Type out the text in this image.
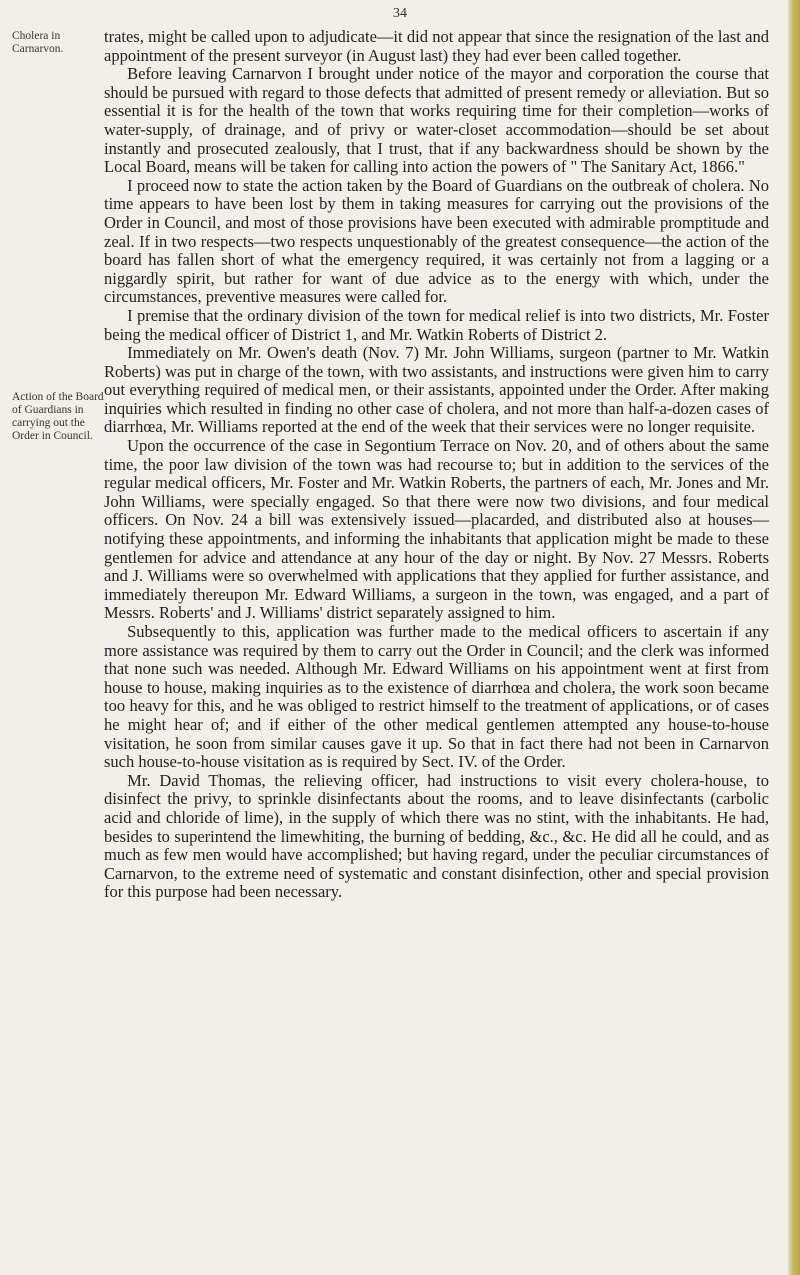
34
Cholera in Carnarvon.
Action of the Board of Guardians in carrying out the Order in Council.

trates, might be called upon to adjudicate—it did not appear that since the resignation of the last and appointment of the present surveyor (in August last) they had ever been called together.

Before leaving Carnarvon I brought under notice of the mayor and corporation the course that should be pursued with regard to those defects that admitted of present remedy or alleviation. But so essential it is for the health of the town that works requiring time for their completion—works of water-supply, of drainage, and of privy or water-closet accommodation—should be set about instantly and prosecuted zealously, that I trust, that if any backwardness should be shown by the Local Board, means will be taken for calling into action the powers of " The Sanitary Act, 1866."

I proceed now to state the action taken by the Board of Guardians on the outbreak of cholera. No time appears to have been lost by them in taking measures for carrying out the provisions of the Order in Council, and most of those provisions have been executed with admirable promptitude and zeal. If in two respects—two respects unquestionably of the greatest consequence—the action of the board has fallen short of what the emergency required, it was certainly not from a lagging or a niggardly spirit, but rather for want of due advice as to the energy with which, under the circumstances, preventive measures were called for.

I premise that the ordinary division of the town for medical relief is into two districts, Mr. Foster being the medical officer of District 1, and Mr. Watkin Roberts of District 2.

Immediately on Mr. Owen's death (Nov. 7) Mr. John Williams, surgeon (partner to Mr. Watkin Roberts) was put in charge of the town, with two assistants, and instructions were given him to carry out everything required of medical men, or their assistants, appointed under the Order. After making inquiries which resulted in finding no other case of cholera, and not more than half-a-dozen cases of diarrhœa, Mr. Williams reported at the end of the week that their services were no longer requisite.

Upon the occurrence of the case in Segontium Terrace on Nov. 20, and of others about the same time, the poor law division of the town was had recourse to; but in addition to the services of the regular medical officers, Mr. Foster and Mr. Watkin Roberts, the partners of each, Mr. Jones and Mr. John Williams, were specially engaged. So that there were now two divisions, and four medical officers. On Nov. 24 a bill was extensively issued—placarded, and distributed also at houses—notifying these appointments, and informing the inhabitants that application might be made to these gentlemen for advice and attendance at any hour of the day or night. By Nov. 27 Messrs. Roberts and J. Williams were so overwhelmed with applications that they applied for further assistance, and immediately thereupon Mr. Edward Williams, a surgeon in the town, was engaged, and a part of Messrs. Roberts' and J. Williams' district separately assigned to him.

Subsequently to this, application was further made to the medical officers to ascertain if any more assistance was required by them to carry out the Order in Council; and the clerk was informed that none such was needed. Although Mr. Edward Williams on his appointment went at first from house to house, making inquiries as to the existence of diarrhœa and cholera, the work soon became too heavy for this, and he was obliged to restrict himself to the treatment of applications, or of cases he might hear of; and if either of the other medical gentlemen attempted any house-to-house visitation, he soon from similar causes gave it up. So that in fact there had not been in Carnarvon such house-to-house visitation as is required by Sect. IV. of the Order.

Mr. David Thomas, the relieving officer, had instructions to visit every cholera-house, to disinfect the privy, to sprinkle disinfectants about the rooms, and to leave disinfectants (carbolic acid and chloride of lime), in the supply of which there was no stint, with the inhabitants. He had, besides to superintend the limewhiting, the burning of bedding, &c., &c. He did all he could, and as much as few men would have accomplished; but having regard, under the peculiar circumstances of Carnarvon, to the extreme need of systematic and constant disinfection, other and special provision for this purpose had been necessary.
